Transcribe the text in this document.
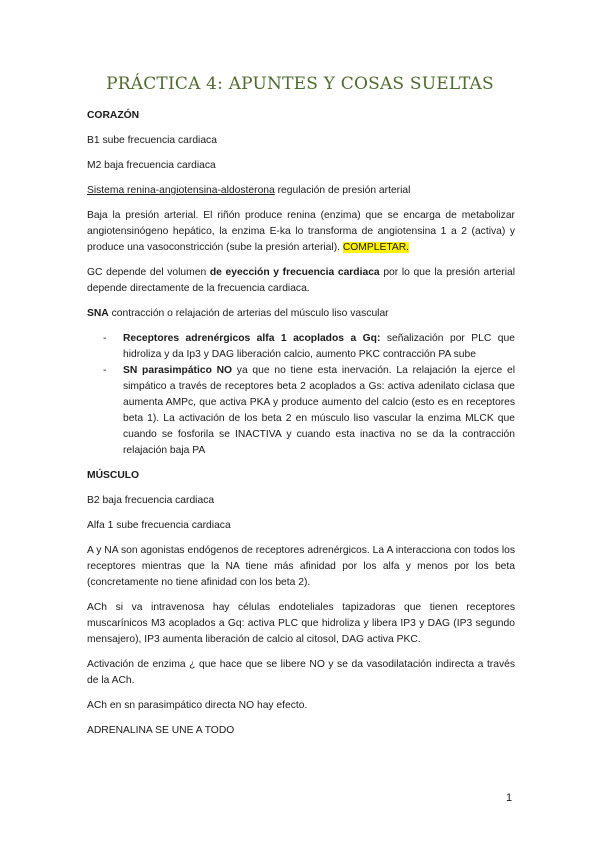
PRÁCTICA 4: APUNTES Y COSAS SUELTAS
CORAZÓN
B1 sube frecuencia cardiaca
M2 baja frecuencia cardiaca
Sistema renina-angiotensina-aldosterona regulación de presión arterial
Baja la presión arterial. El riñón produce renina (enzima) que se encarga de metabolizar angiotensinógeno hepático, la enzima E-ka lo transforma de angiotensina 1 a 2 (activa) y produce una vasoconstricción (sube la presión arterial). COMPLETAR.
GC depende del volumen de eyección y frecuencia cardiaca por lo que la presión arterial depende directamente de la frecuencia cardiaca.
SNA contracción o relajación de arterias del músculo liso vascular
- Receptores adrenérgicos alfa 1 acoplados a Gq: señalización por PLC que hidroliza y da Ip3 y DAG liberación calcio, aumento PKC contracción PA sube
- SN parasimpático NO ya que no tiene esta inervación. La relajación la ejerce el simpático a través de receptores beta 2 acoplados a Gs: activa adenilato ciclasa que aumenta AMPc, que activa PKA y produce aumento del calcio (esto es en receptores beta 1). La activación de los beta 2 en músculo liso vascular la enzima MLCK que cuando se fosforila se INACTIVA y cuando esta inactiva no se da la contracción relajación baja PA
MÚSCULO
B2 baja frecuencia cardiaca
Alfa 1 sube frecuencia cardiaca
A y NA son agonistas endógenos de receptores adrenérgicos. La A interacciona con todos los receptores mientras que la NA tiene más afinidad por los alfa y menos por los beta (concretamente no tiene afinidad con los beta 2).
ACh si va intravenosa hay células endoteliales tapizadoras que tienen receptores muscarínicos M3 acoplados a Gq: activa PLC que hidroliza y libera IP3 y DAG (IP3 segundo mensajero), IP3 aumenta liberación de calcio al citosol, DAG activa PKC.
Activación de enzima ¿ que hace que se libere NO y se da vasodilatación indirecta a través de la ACh.
ACh en sn parasimpático directa NO hay efecto.
ADRENALINA SE UNE A TODO
1
